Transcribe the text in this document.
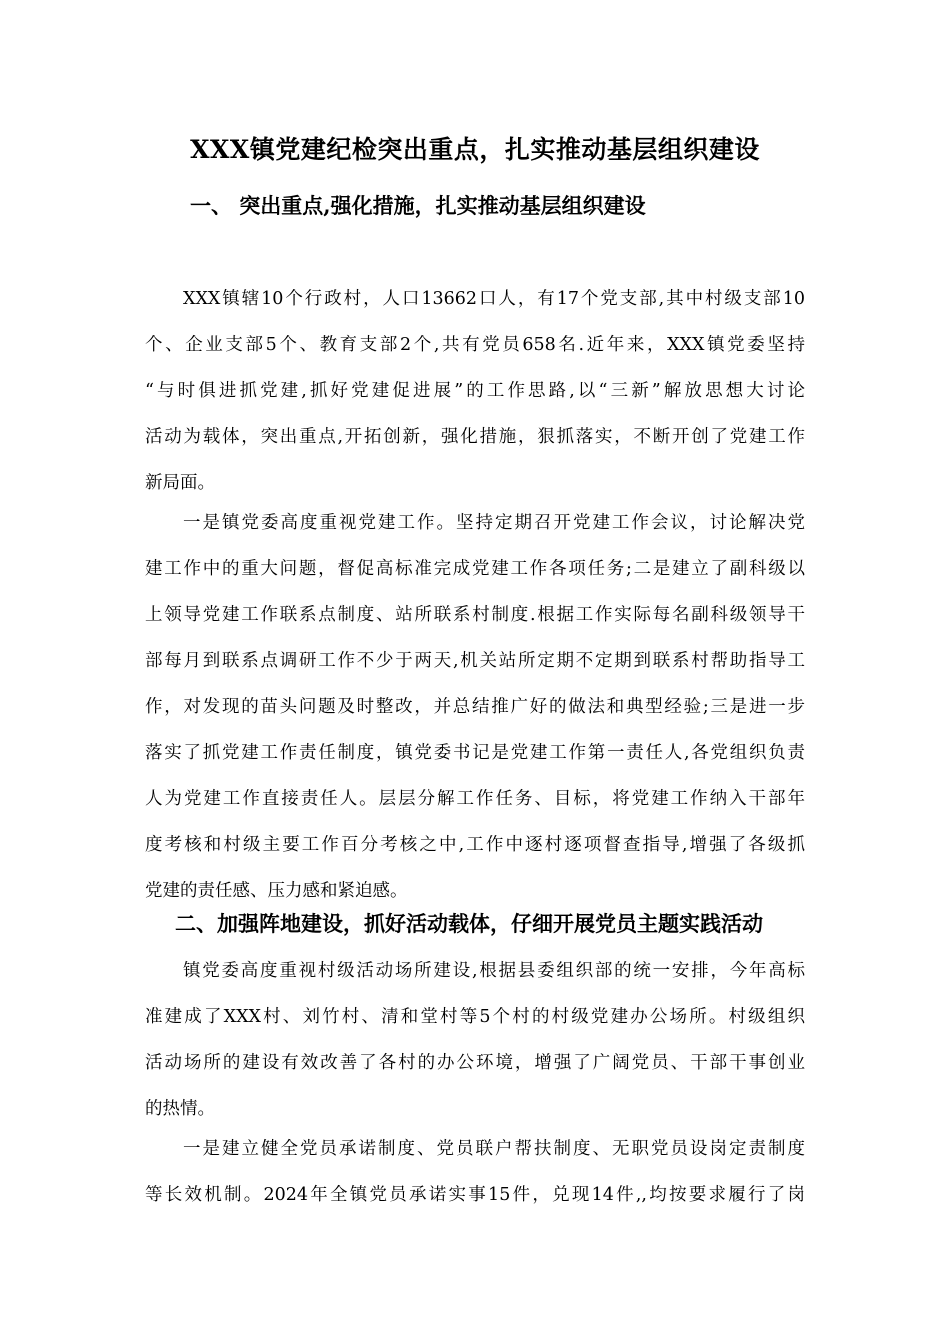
XXX镇党建纪检突出重点，扎实推动基层组织建设
一、 突出重点,强化措施，扎实推动基层组织建设
XXX镇辖10个行政村，人口13662口人，有17个党支部,其中村级支部10
个、企业支部5个、教育支部2个,共有党员658名.近年来，XXX镇党委坚持
“与时俱进抓党建,抓好党建促进展”的工作思路,以“三新”解放思想大讨论
活动为载体，突出重点,开拓创新，强化措施，狠抓落实，不断开创了党建工作
新局面。
一是镇党委高度重视党建工作。坚持定期召开党建工作会议，讨论解决党
建工作中的重大问题，督促高标准完成党建工作各项任务;二是建立了副科级以
上领导党建工作联系点制度、站所联系村制度.根据工作实际每名副科级领导干
部每月到联系点调研工作不少于两天,机关站所定期不定期到联系村帮助指导工
作，对发现的苗头问题及时整改，并总结推广好的做法和典型经验;三是进一步
落实了抓党建工作责任制度，镇党委书记是党建工作第一责任人,各党组织负责
人为党建工作直接责任人。层层分解工作任务、目标，将党建工作纳入干部年
度考核和村级主要工作百分考核之中,工作中逐村逐项督查指导,增强了各级抓
党建的责任感、压力感和紧迫感。
二、加强阵地建设，抓好活动载体，仔细开展党员主题实践活动
镇党委高度重视村级活动场所建设,根据县委组织部的统一安排，今年高标
准建成了XXX村、刘竹村、清和堂村等5个村的村级党建办公场所。村级组织
活动场所的建设有效改善了各村的办公环境，增强了广阔党员、干部干事创业
的热情。
一是建立健全党员承诺制度、党员联户帮扶制度、无职党员设岗定责制度
等长效机制。2024年全镇党员承诺实事15件，兑现14件,,均按要求履行了岗
